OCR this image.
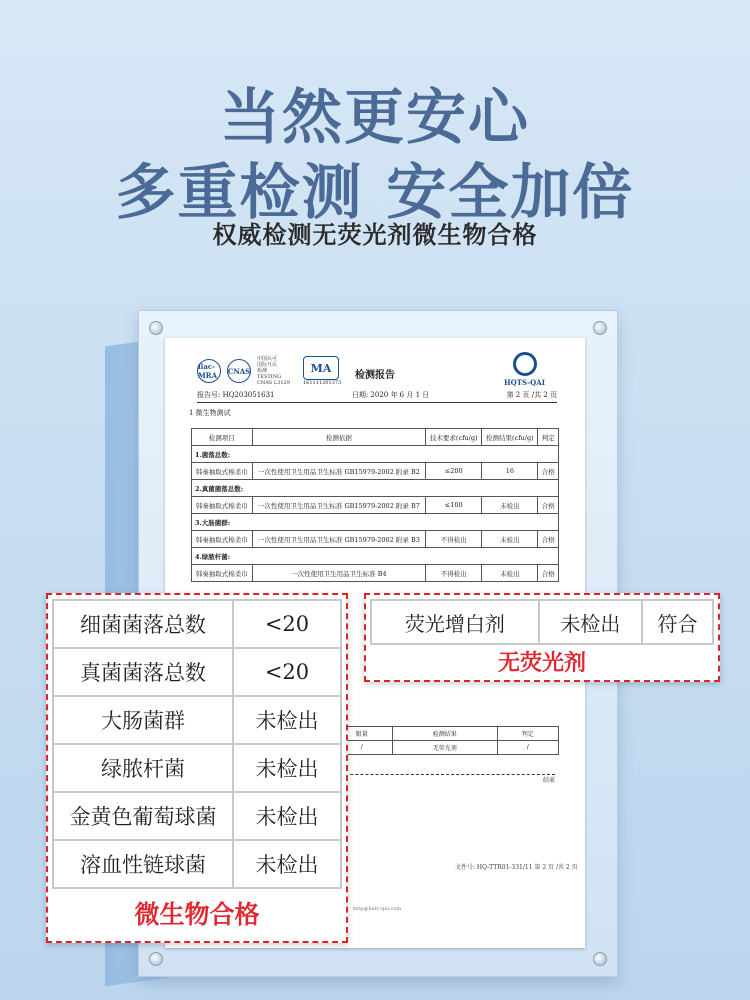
当然更安心
多重检测 安全加倍
权威检测无荧光剂微生物合格
ilac-MRA	CNAS
中国认可
国际互认
检测
TESTING
CNAS L3129
MA
161111201373
检测报告
HQTS-QAI
报告号: HQ203051631	日期: 2020 年 6 月 1 日	第 2 页 /共 2 页
1 微生物测试
检测项目	检测依据	技术要求(cfu/g)	检测结果(cfu/g)	判定
1.菌落总数:				
韩秦抽取式棉柔巾	一次性使用卫生用品卫生标准 GB15979-2002 附录 B2	≤200	16	合格
2.真菌菌落总数:				
韩秦抽取式棉柔巾	一次性使用卫生用品卫生标准 GB15979-2002 附录 B7	≤100	未检出	合格
3.大肠菌群:				
韩秦抽取式棉柔巾	一次性使用卫生用品卫生标准 GB15979-2002 附录 B3	不得检出	未检出	合格
4.绿脓杆菌:				
韩秦抽取式棉柔巾	一次性使用卫生用品卫生标准 B4	不得检出	未检出	合格
	限量	检测结果	判定
	/	无荧光剂	/
结束
文件号: HQ-TTR01-331/11 第 2 页 /共 2 页
http@hatv-qai.com
细菌菌落总数	<20
真菌菌落总数	<20
大肠菌群	未检出
绿脓杆菌	未检出
金黄色葡萄球菌	未检出
溶血性链球菌	未检出
微生物合格
荧光增白剂	未检出	符合
无荧光剂
